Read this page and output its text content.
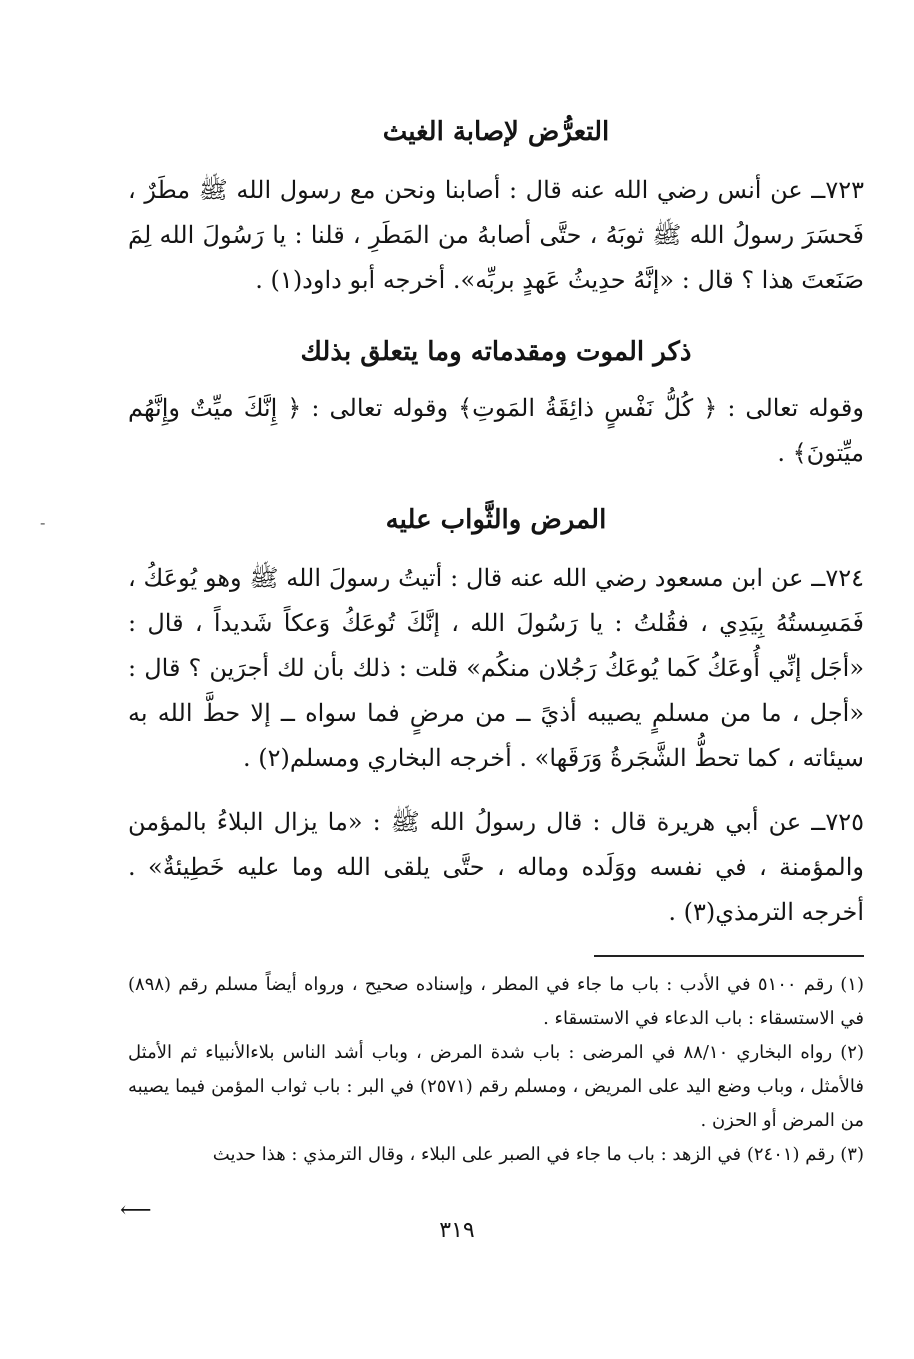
التعرُّض لإصابة الغيث

٧٢٣ــ عن أنس رضي الله عنه قال : أصابنا ونحن مع رسول الله ﷺ مطَرٌ ، فَحسَرَ رسولُ الله ﷺ ثوبَهُ ، حتَّى أصابهُ من المَطَرِ ، قلنا : يا رَسُولَ الله لِمَ صَنَعتَ هذا ؟ قال : «إنَّهُ حدِيثُ عَهدٍ بربِّه». أخرجه أبو داود(١) .

ذكر الموت ومقدماته وما يتعلق بذلك

وقوله تعالى : ﴿ كُلُّ نَفْسٍ ذائِقَةُ المَوتِ﴾ وقوله تعالى : ﴿ إِنَّكَ ميِّتٌ وإِنَّهُم ميِّتونَ﴾ .

المرض والثَّواب عليه

٧٢٤ــ عن ابن مسعود رضي الله عنه قال : أتيتُ رسولَ الله ﷺ وهو يُوعَكُ ، فَمَسِستُهُ بِيَدِي ، فقُلتُ : يا رَسُولَ الله ، إنَّكَ تُوعَكُ وَعكاً شَديداً ، قال : «أجَل إنِّي أُوعَكُ كَما يُوعَكُ رَجُلان منكُم» قلت : ذلك بأن لك أجرَين ؟ قال : «أجل ، ما من مسلمٍ يصيبه أذيً ــ من مرضٍ فما سواه ــ إلا حطَّ الله به سيئاته ، كما تحطُّ الشَّجَرةُ وَرَقَها» . أخرجه البخاري ومسلم(٢) .

٧٢٥ــ عن أبي هريرة قال : قال رسولُ الله ﷺ : «ما يزال البلاءُ بالمؤمن والمؤمنة ، في نفسه ووَلَده وماله ، حتَّى يلقى الله وما عليه خَطِيئةٌ» . أخرجه الترمذي(٣) .

(١) رقم ٥١٠٠ في الأدب : باب ما جاء في المطر ، وإسناده صحيح ، ورواه أيضاً مسلم رقم (٨٩٨) في الاستسقاء : باب الدعاء في الاستسقاء .

(٢) رواه البخاري ٨٨/١٠ في المرضى : باب شدة المرض ، وباب أشد الناس بلاءالأنبياء ثم الأمثل فالأمثل ، وباب وضع اليد على المريض ، ومسلم رقم (٢٥٧١) في البر : باب ثواب المؤمن فيما يصيبه من المرض أو الحزن .

(٣) رقم (٢٤٠١) في الزهد : باب ما جاء في الصبر على البلاء ، وقال الترمذي : هذا حديث

⟵
٣١٩
-
